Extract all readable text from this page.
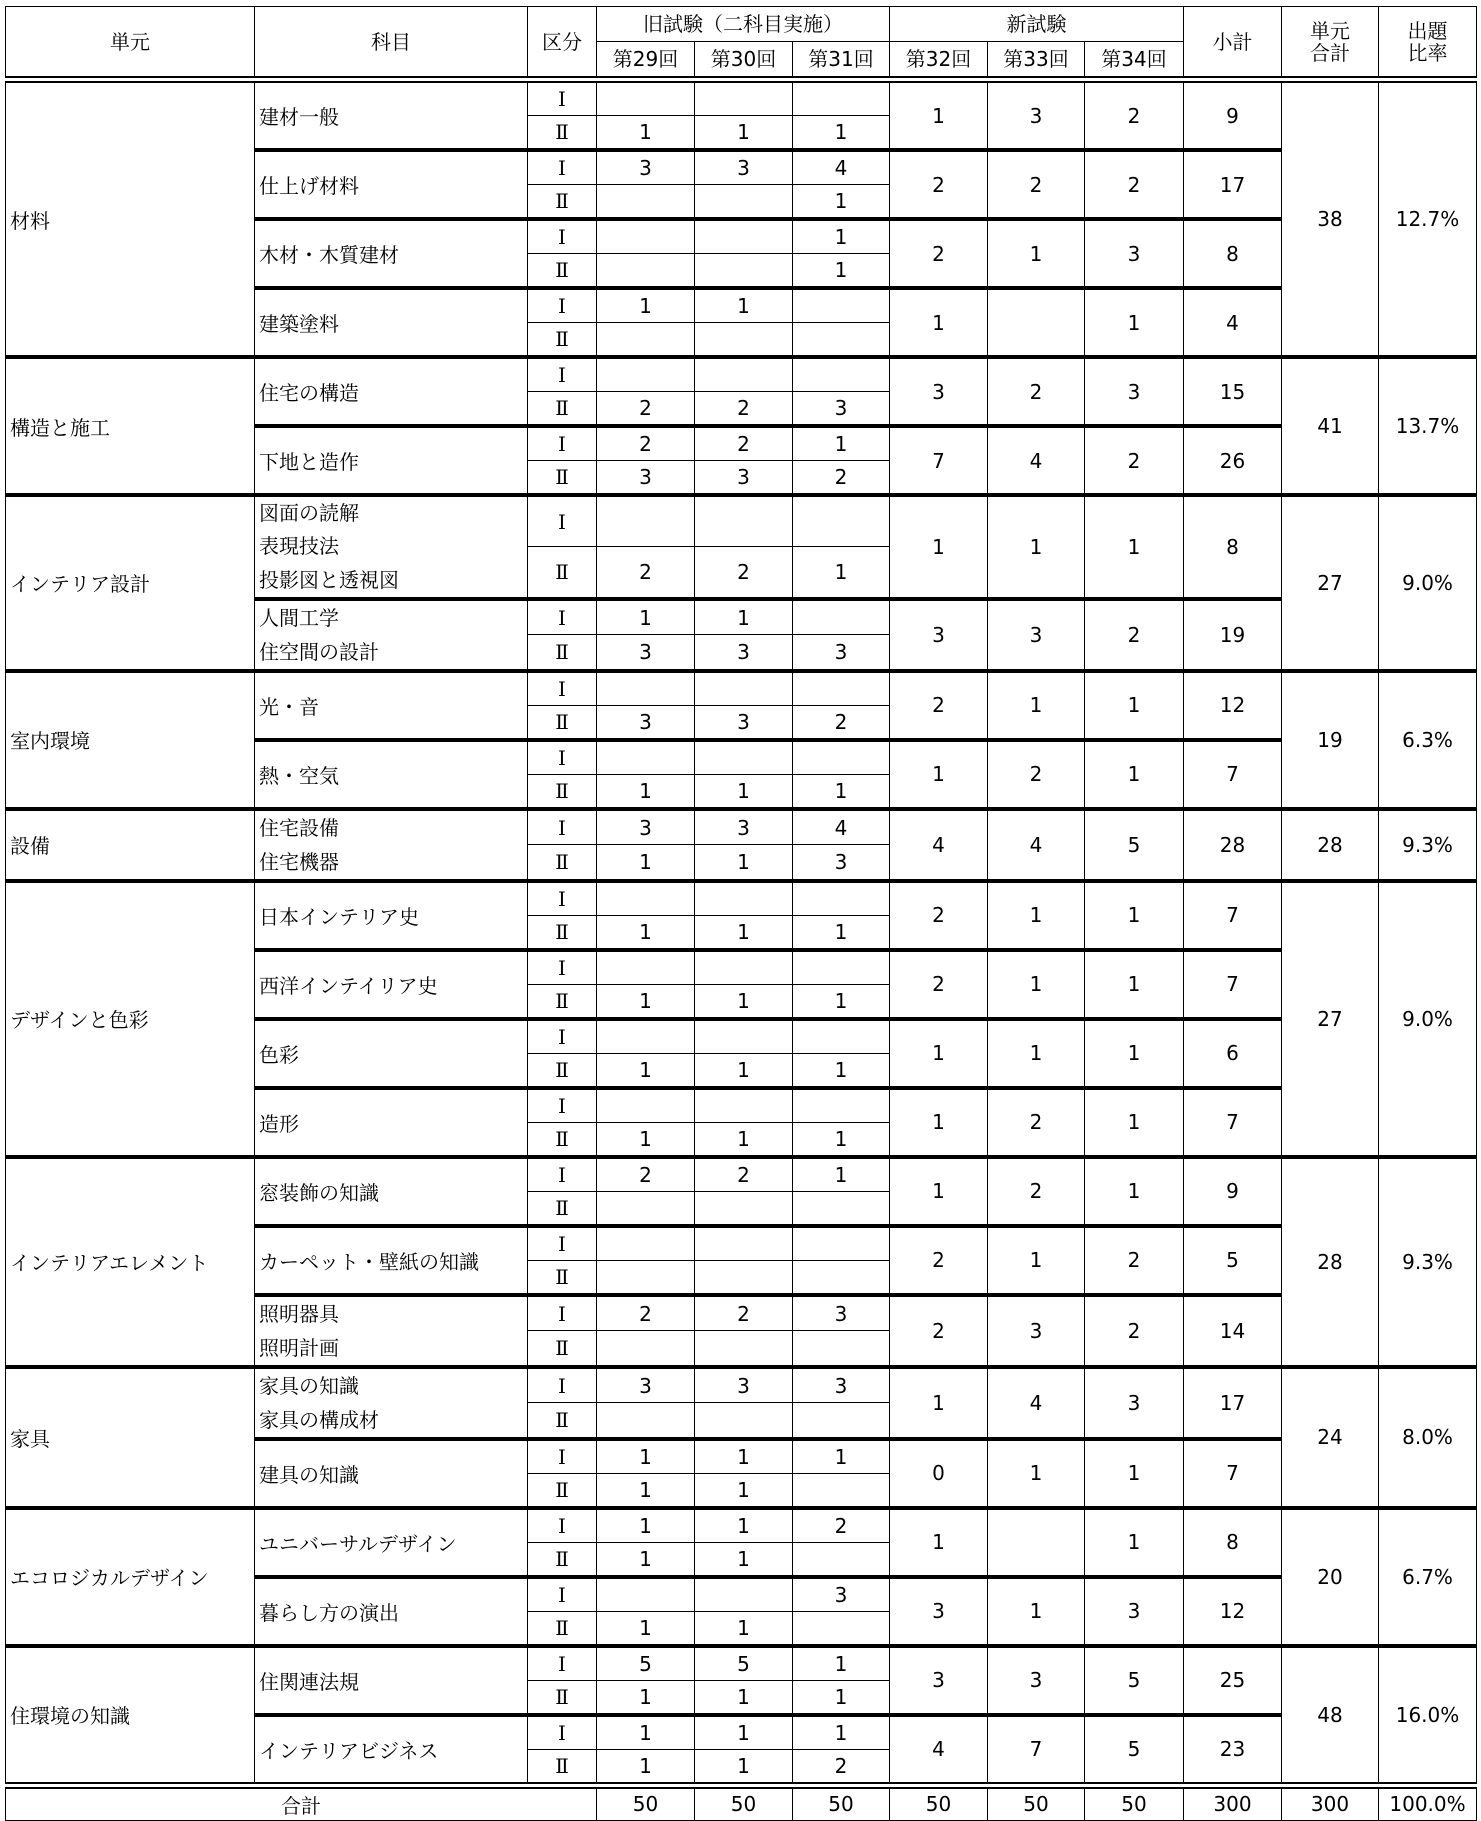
単元	科目	区分	旧試験（二科目実施）			新試験			小計	単元
合計	出題
比率
			第29回	第30回	第31回	第32回	第33回	第34回			
材料	建材一般	Ⅰ				1	3	2	9	38	12.7%
		Ⅱ	1	1	1						

	仕上げ材料	Ⅰ	3	3	4	2	2	2	17		
		Ⅱ			1						

	木材・木質建材	Ⅰ			1	2	1	3	8		
		Ⅱ			1						

	建築塗料	Ⅰ	1	1		1		1	4		
		Ⅱ									
構造と施工	住宅の構造	Ⅰ				3	2	3	15	41	13.7%
		Ⅱ	2	2	3						

	下地と造作	Ⅰ	2	2	1	7	4	2	26		
		Ⅱ	3	3	2						
インテリア設計	図面の読解
表現技法
投影図と透視図	Ⅰ				1	1	1	8	27	9.0%
		Ⅱ	2	2	1						

	人間工学
住空間の設計	Ⅰ	1	1		3	3	2	19		
		Ⅱ	3	3	3						
室内環境	光・音	Ⅰ				2	1	1	12	19	6.3%
		Ⅱ	3	3	2						

	熱・空気	Ⅰ				1	2	1	7		
		Ⅱ	1	1	1						
設備	住宅設備
住宅機器	Ⅰ	3	3	4	4	4	5	28	28	9.3%
		Ⅱ	1	1	3						
デザインと色彩	日本インテリア史	Ⅰ				2	1	1	7	27	9.0%
		Ⅱ	1	1	1						

	西洋インテイリア史	Ⅰ				2	1	1	7		
		Ⅱ	1	1	1						

	色彩	Ⅰ				1	1	1	6		
		Ⅱ	1	1	1						

	造形	Ⅰ				1	2	1	7		
		Ⅱ	1	1	1						
インテリアエレメント	窓装飾の知識	Ⅰ	2	2	1	1	2	1	9	28	9.3%
		Ⅱ									

	カーペット・壁紙の知識	Ⅰ				2	1	2	5		
		Ⅱ									

	照明器具
照明計画	Ⅰ	2	2	3	2	3	2	14		
		Ⅱ									
家具	家具の知識
家具の構成材	Ⅰ	3	3	3	1	4	3	17	24	8.0%
		Ⅱ									

	建具の知識	Ⅰ	1	1	1	0	1	1	7		
		Ⅱ	1	1							
エコロジカルデザイン	ユニバーサルデザイン	Ⅰ	1	1	2	1		1	8	20	6.7%
		Ⅱ	1	1							

	暮らし方の演出	Ⅰ			3	3	1	3	12		
		Ⅱ	1	1							
住環境の知識	住関連法規	Ⅰ	5	5	1	3	3	5	25	48	16.0%
		Ⅱ	1	1	1						

	インテリアビジネス	Ⅰ	1	1	1	4	7	5	23		
		Ⅱ	1	1	2						
合計			50	50	50	50	50	50	300	300	100.0%
